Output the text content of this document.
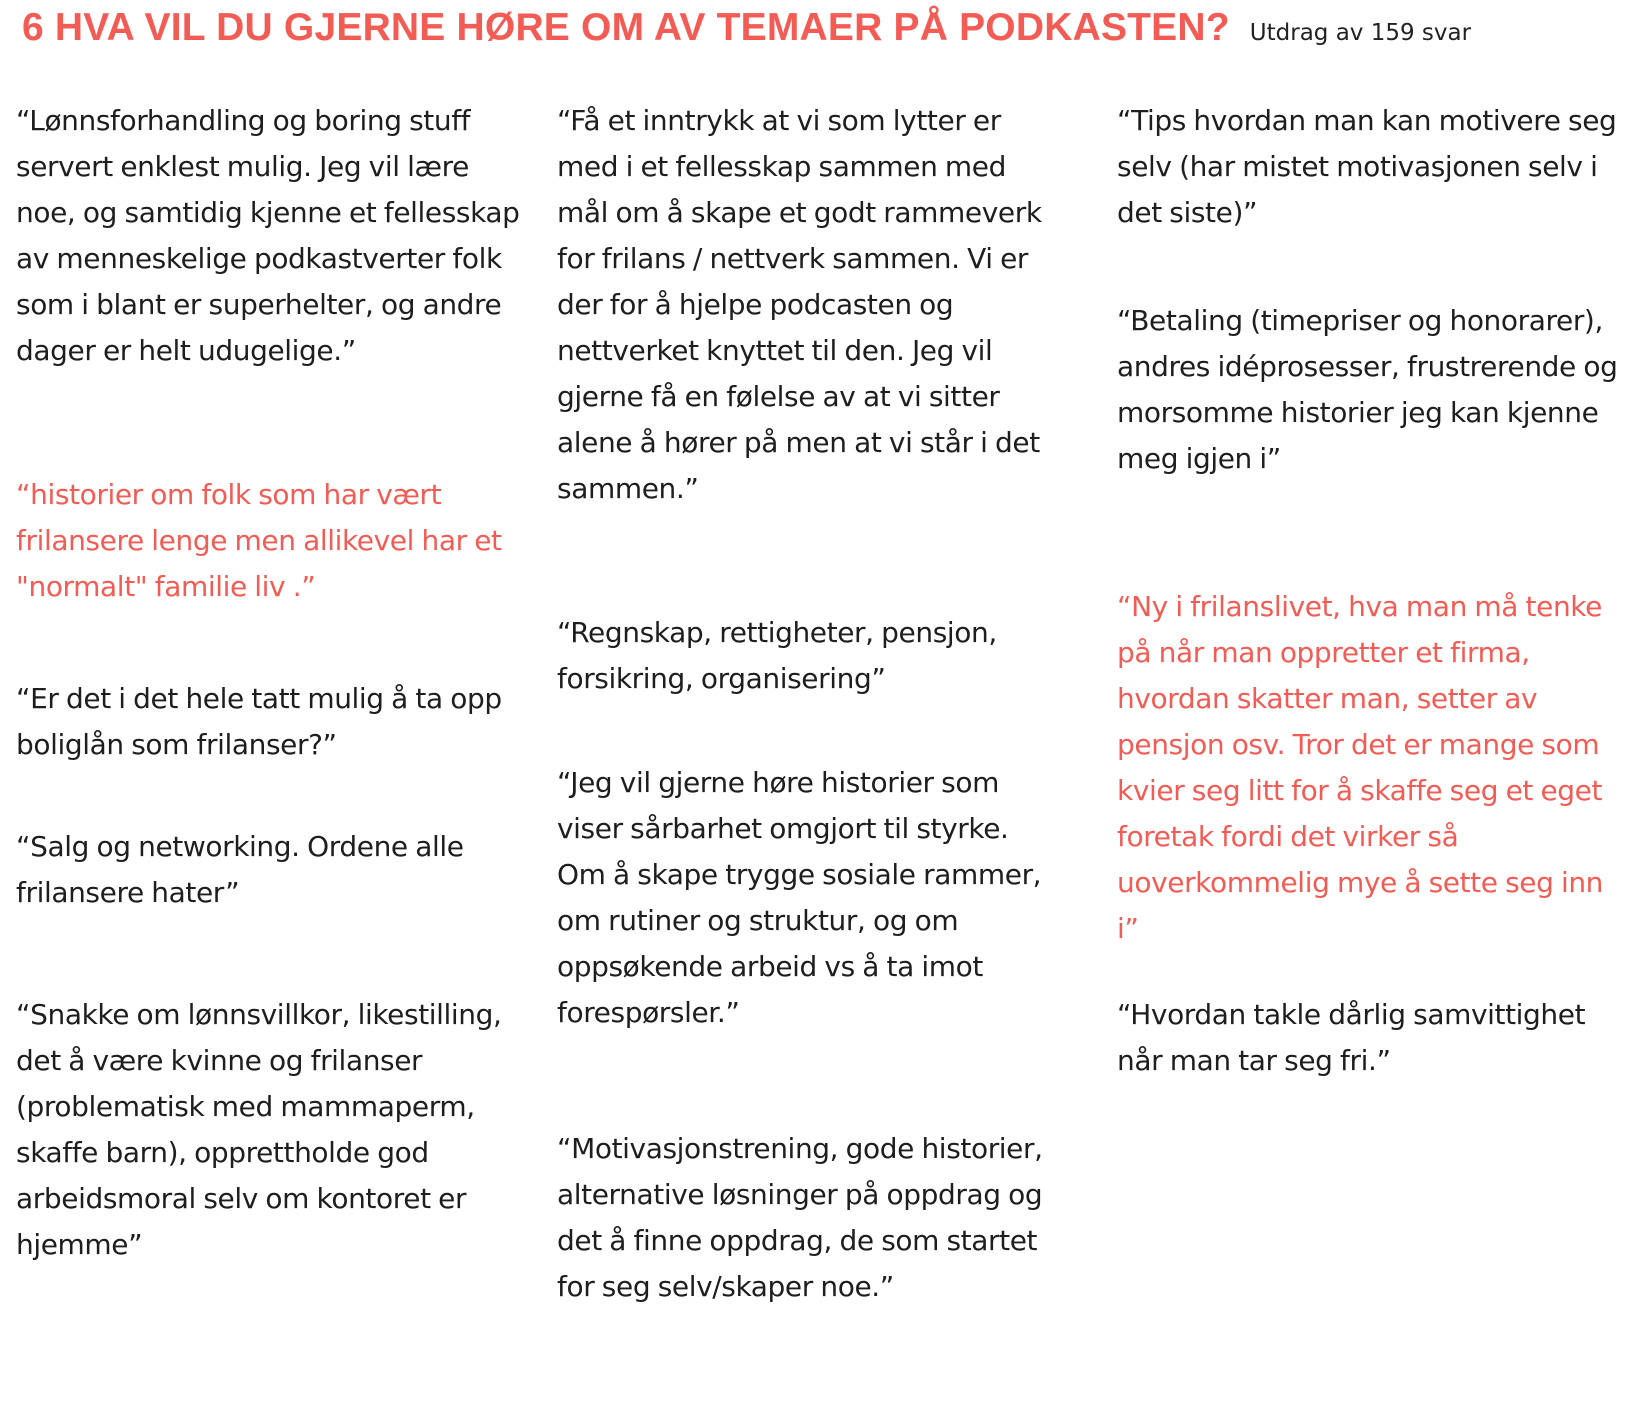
6 HVA VIL DU GJERNE HØRE OM AV TEMAER PÅ PODKASTEN? Utdrag av 159 svar

“Lønnsforhandling og boring stuff servert enklest mulig. Jeg vil lære noe, og samtidig kjenne et fellesskap av menneskelige podkastverter folk som i blant er superhelter, og andre dager er helt udugelige.”

“historier om folk som har vært frilansere lenge men allikevel har et "normalt" familie liv .”

“Er det i det hele tatt mulig å ta opp boliglån som frilanser?”

“Salg og networking. Ordene alle frilansere hater”

“Snakke om lønnsvillkor, likestilling, det å være kvinne og frilanser (problematisk med mammaperm, skaffe barn), opprettholde god arbeidsmoral selv om kontoret er hjemme”

“Få et inntrykk at vi som lytter er med i et fellesskap sammen med mål om å skape et godt rammeverk for frilans / nettverk sammen. Vi er der for å hjelpe podcasten og nettverket knyttet til den. Jeg vil gjerne få en følelse av at vi sitter alene å hører på men at vi står i det sammen.”

“Regnskap, rettigheter, pensjon, forsikring, organisering”

“Jeg vil gjerne høre historier som viser sårbarhet omgjort til styrke. Om å skape trygge sosiale rammer, om rutiner og struktur, og om oppsøkende arbeid vs å ta imot forespørsler.”

“Motivasjonstrening, gode historier, alternative løsninger på oppdrag og det å finne oppdrag, de som startet for seg selv/skaper noe.”

“Tips hvordan man kan motivere seg selv (har mistet motivasjonen selv i det siste)”

“Betaling (timepriser og honorarer), andres idéprosesser, frustrerende og morsomme historier jeg kan kjenne meg igjen i”

“Ny i frilanslivet, hva man må tenke på når man oppretter et firma, hvordan skatter man, setter av pensjon osv. Tror det er mange som kvier seg litt for å skaffe seg et eget foretak fordi det virker så uoverkommelig mye å sette seg inn i”

“Hvordan takle dårlig samvittighet når man tar seg fri.”
